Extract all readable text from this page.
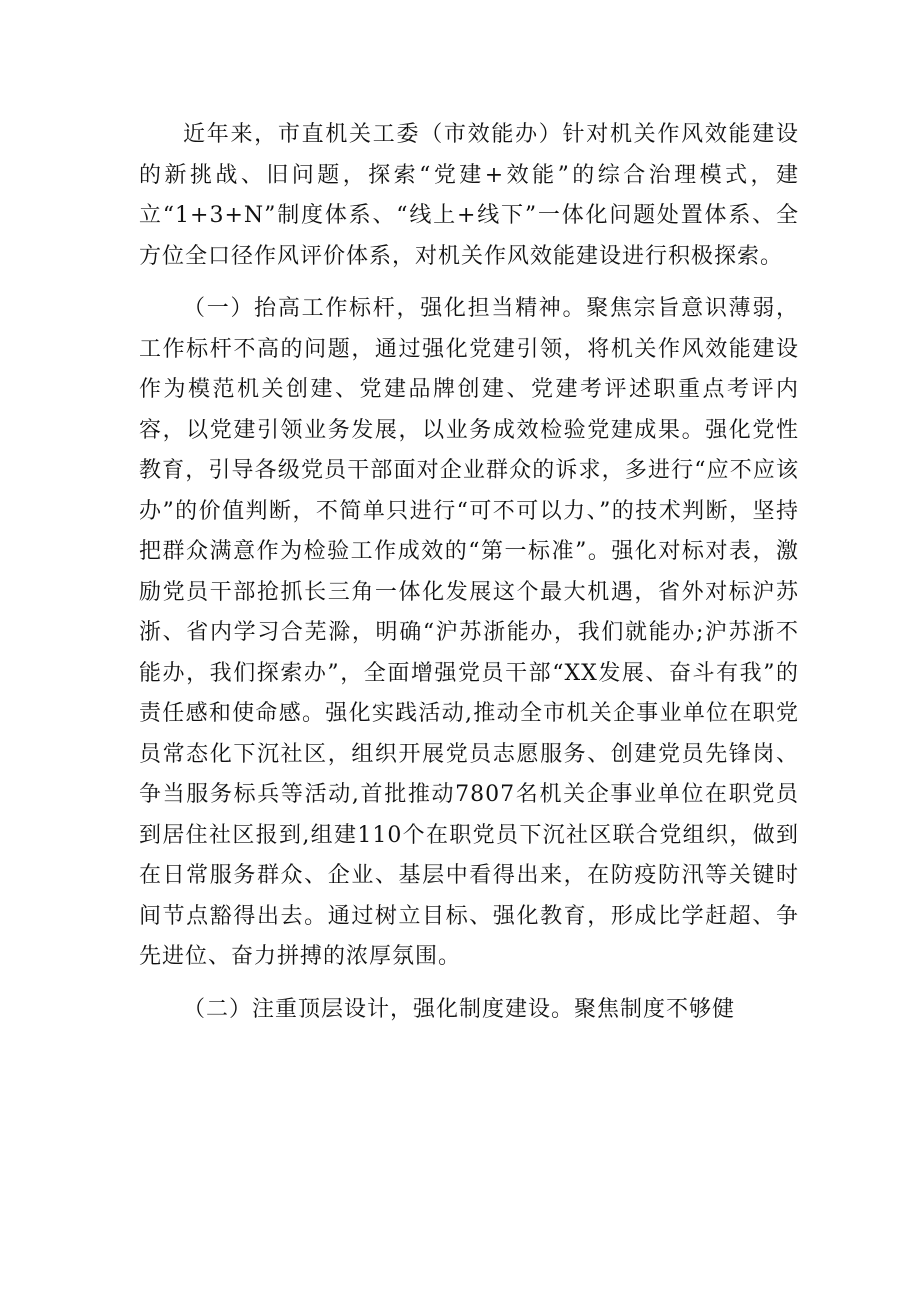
近年来，市直机关工委（市效能办）针对机关作风效能建设的新挑战、旧问题，探索“党建+效能”的综合治理模式，建立“1+3+N”制度体系、“线上+线下”一体化问题处置体系、全方位全口径作风评价体系，对机关作风效能建设进行积极探索。

（一）抬高工作标杆，强化担当精神。聚焦宗旨意识薄弱，工作标杆不高的问题，通过强化党建引领，将机关作风效能建设作为模范机关创建、党建品牌创建、党建考评述职重点考评内容，以党建引领业务发展，以业务成效检验党建成果。强化党性教育，引导各级党员干部面对企业群众的诉求，多进行“应不应该办”的价值判断，不简单只进行“可不可以力、”的技术判断，坚持把群众满意作为检验工作成效的“第一标准”。强化对标对表，激励党员干部抢抓长三角一体化发展这个最大机遇，省外对标沪苏浙、省内学习合芜滁，明确“沪苏浙能办，我们就能办;沪苏浙不能办，我们探索办”，全面增强党员干部“XX发展、奋斗有我”的责任感和使命感。强化实践活动,推动全市机关企事业单位在职党员常态化下沉社区，组织开展党员志愿服务、创建党员先锋岗、争当服务标兵等活动,首批推动7807名机关企事业单位在职党员到居住社区报到,组建110个在职党员下沉社区联合党组织，做到在日常服务群众、企业、基层中看得出来，在防疫防汛等关键时间节点豁得出去。通过树立目标、强化教育，形成比学赶超、争先进位、奋力拼搏的浓厚氛围。

（二）注重顶层设计，强化制度建设。聚焦制度不够健
